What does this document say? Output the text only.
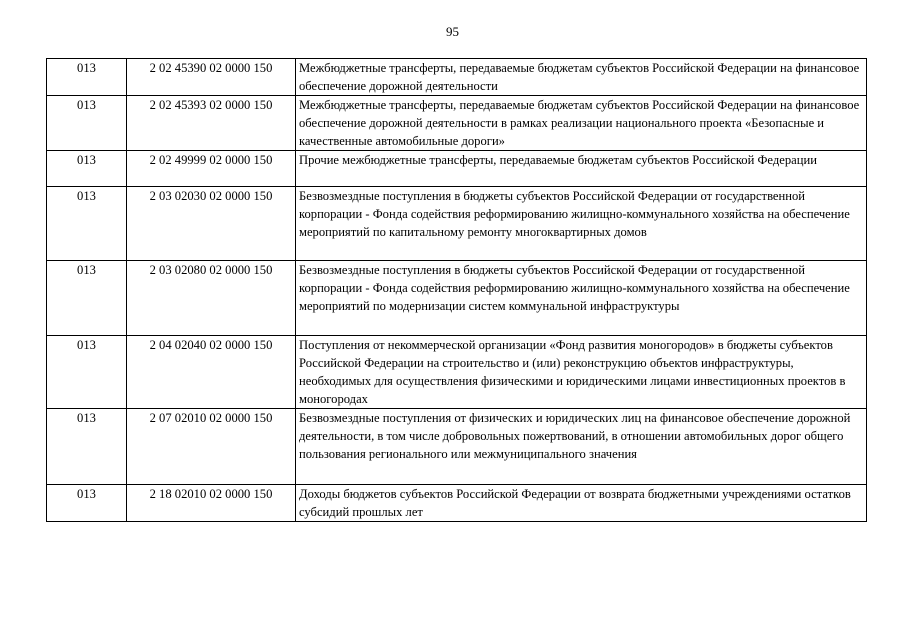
95
013	2 02 45390 02 0000 150	Межбюджетные трансферты, передаваемые бюджетам субъектов Российской Федерации на финансовое обеспечение дорожной деятельности
013	2 02 45393 02 0000 150	Межбюджетные трансферты, передаваемые бюджетам субъектов Российской Федерации на финансовое обеспечение дорожной деятельности в рамках реализации национального проекта «Безопасные и качественные автомобильные дороги»
013	2 02 49999 02 0000 150	Прочие межбюджетные трансферты, передаваемые бюджетам субъектов Российской Федерации
013	2 03 02030 02 0000 150	Безвозмездные поступления в бюджеты субъектов Российской Федерации от государственной корпорации - Фонда содействия реформированию жилищно-коммунального хозяйства на обеспечение мероприятий по капитальному ремонту многоквартирных домов
013	2 03 02080 02 0000 150	Безвозмездные поступления в бюджеты субъектов Российской Федерации от государственной корпорации - Фонда содействия реформированию жилищно-коммунального хозяйства на обеспечение мероприятий по модернизации систем коммунальной инфраструктуры
013	2 04 02040 02 0000 150	Поступления от некоммерческой организации «Фонд развития моногородов» в бюджеты субъектов Российской Федерации на строительство и (или) реконструкцию объектов инфраструктуры, необходимых для осуществления физическими и юридическими лицами инвестиционных проектов в моногородах
013	2 07 02010 02 0000 150	Безвозмездные поступления от физических и юридических лиц на финансовое обеспечение дорожной деятельности, в том числе добровольных пожертвований, в отношении автомобильных дорог общего пользования регионального или межмуниципального значения
013	2 18 02010 02 0000 150	Доходы бюджетов субъектов Российской Федерации от возврата бюджетными учреждениями остатков субсидий прошлых лет
